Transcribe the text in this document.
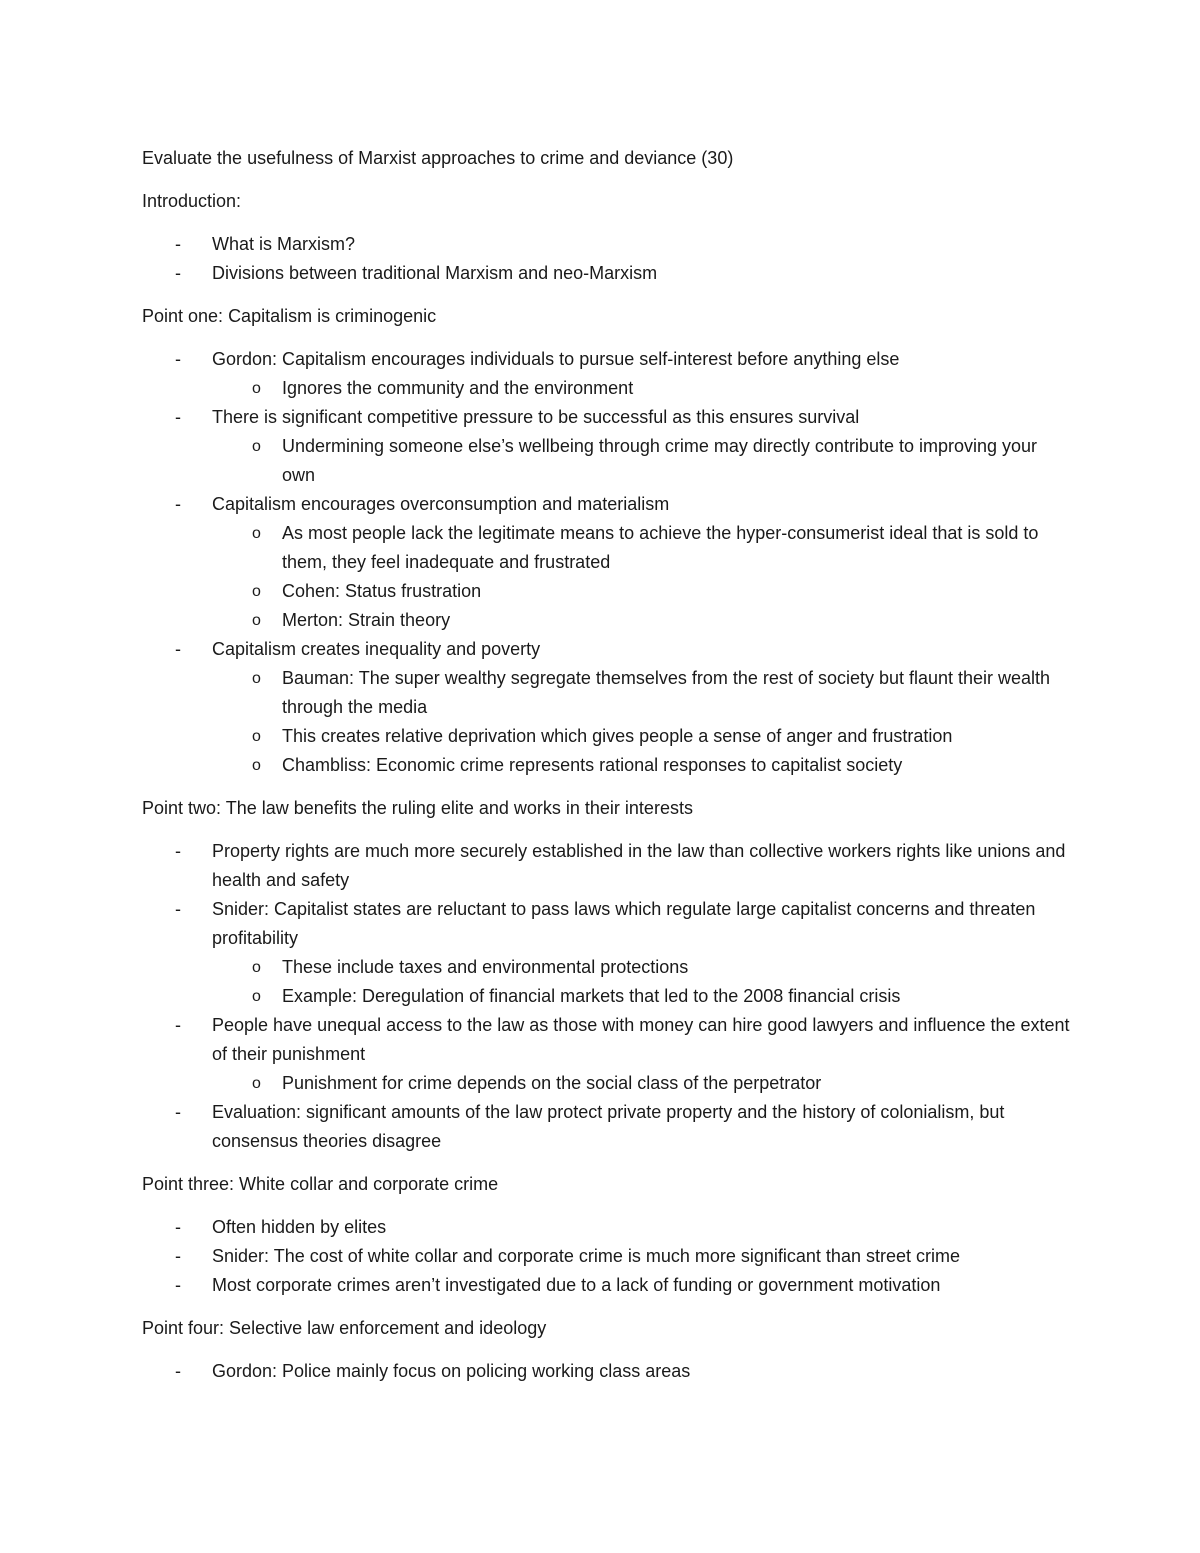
Evaluate the usefulness of Marxist approaches to crime and deviance (30)

Introduction:

- What is Marxism?
- Divisions between traditional Marxism and neo-Marxism

Point one: Capitalism is criminogenic

- Gordon: Capitalism encourages individuals to pursue self-interest before anything else
o Ignores the community and the environment
- There is significant competitive pressure to be successful as this ensures survival
o Undermining someone else’s wellbeing through crime may directly contribute to improving your own
- Capitalism encourages overconsumption and materialism
o As most people lack the legitimate means to achieve the hyper-consumerist ideal that is sold to them, they feel inadequate and frustrated
o Cohen: Status frustration
o Merton: Strain theory
- Capitalism creates inequality and poverty
o Bauman: The super wealthy segregate themselves from the rest of society but flaunt their wealth through the media
o This creates relative deprivation which gives people a sense of anger and frustration
o Chambliss: Economic crime represents rational responses to capitalist society

Point two: The law benefits the ruling elite and works in their interests

- Property rights are much more securely established in the law than collective workers rights like unions and health and safety
- Snider: Capitalist states are reluctant to pass laws which regulate large capitalist concerns and threaten profitability
o These include taxes and environmental protections
o Example: Deregulation of financial markets that led to the 2008 financial crisis
- People have unequal access to the law as those with money can hire good lawyers and influence the extent of their punishment
o Punishment for crime depends on the social class of the perpetrator
- Evaluation: significant amounts of the law protect private property and the history of colonialism, but consensus theories disagree

Point three: White collar and corporate crime

- Often hidden by elites
- Snider: The cost of white collar and corporate crime is much more significant than street crime
- Most corporate crimes aren’t investigated due to a lack of funding or government motivation

Point four: Selective law enforcement and ideology

- Gordon: Police mainly focus on policing working class areas
